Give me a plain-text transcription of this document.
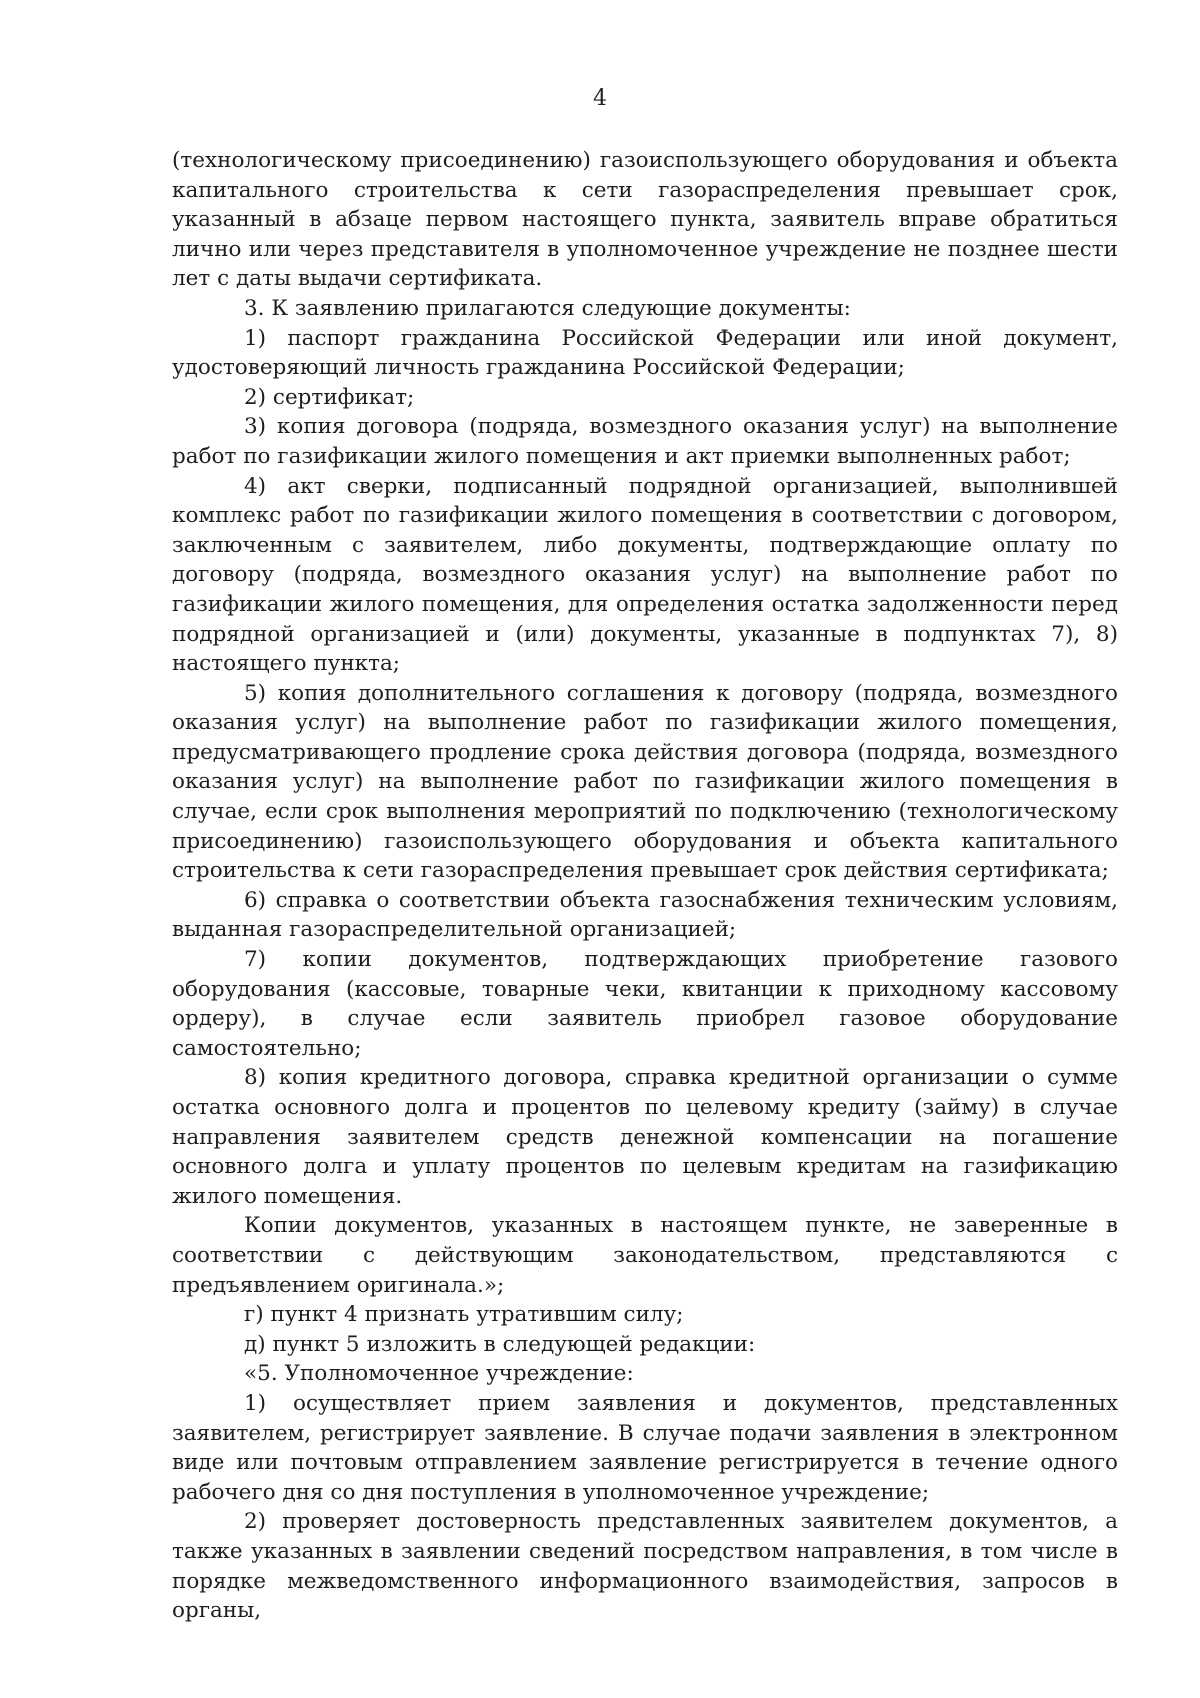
4

(технологическому присоединению) газоиспользующего оборудования и объекта капитального строительства к сети газораспределения превышает срок, указанный в абзаце первом настоящего пункта, заявитель вправе обратиться лично или через представителя в уполномоченное учреждение не позднее шести лет с даты выдачи сертификата.

3. К заявлению прилагаются следующие документы:

1) паспорт гражданина Российской Федерации или иной документ, удостоверяющий личность гражданина Российской Федерации;

2) сертификат;

3) копия договора (подряда, возмездного оказания услуг) на выполнение работ по газификации жилого помещения и акт приемки выполненных работ;

4) акт сверки, подписанный подрядной организацией, выполнившей комплекс работ по газификации жилого помещения в соответствии с договором, заключенным с заявителем, либо документы, подтверждающие оплату по договору (подряда, возмездного оказания услуг) на выполнение работ по газификации жилого помещения, для определения остатка задолженности перед подрядной организацией и (или) документы, указанные в подпунктах 7), 8) настоящего пункта;

5) копия дополнительного соглашения к договору (подряда, возмездного оказания услуг) на выполнение работ по газификации жилого помещения, предусматривающего продление срока действия договора (подряда, возмездного оказания услуг) на выполнение работ по газификации жилого помещения в случае, если срок выполнения мероприятий по подключению (технологическому присоединению) газоиспользующего оборудования и объекта капитального строительства к сети газораспределения превышает срок действия сертификата;

6) справка о соответствии объекта газоснабжения техническим условиям, выданная газораспределительной организацией;

7) копии документов, подтверждающих приобретение газового оборудования (кассовые, товарные чеки, квитанции к приходному кассовому ордеру), в случае если заявитель приобрел газовое оборудование самостоятельно;

8) копия кредитного договора, справка кредитной организации о сумме остатка основного долга и процентов по целевому кредиту (займу) в случае направления заявителем средств денежной компенсации на погашение основного долга и уплату процентов по целевым кредитам на газификацию жилого помещения.

Копии документов, указанных в настоящем пункте, не заверенные в соответствии с действующим законодательством, представляются с предъявлением оригинала.»;

г) пункт 4 признать утратившим силу;

д) пункт 5 изложить в следующей редакции:

«5. Уполномоченное учреждение:

1) осуществляет прием заявления и документов, представленных заявителем, регистрирует заявление. В случае подачи заявления в электронном виде или почтовым отправлением заявление регистрируется в течение одного рабочего дня со дня поступления в уполномоченное учреждение;

2) проверяет достоверность представленных заявителем документов, а также указанных в заявлении сведений посредством направления, в том числе в порядке межведомственного информационного взаимодействия, запросов в органы,
